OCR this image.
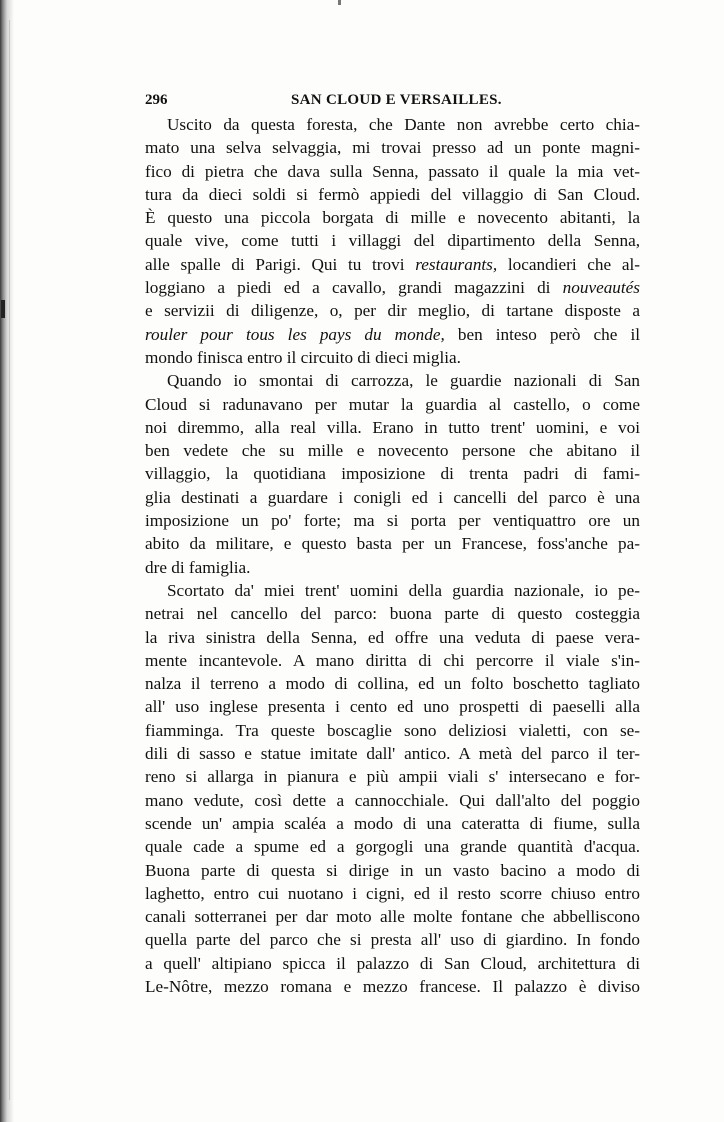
296	SAN CLOUD E VERSAILLES.
Uscito da questa foresta, che Dante non avrebbe certo chia-
mato una selva selvaggia, mi trovai presso ad un ponte magni-
fico di pietra che dava sulla Senna, passato il quale la mia vet-
tura da dieci soldi si fermò appiedi del villaggio di San Cloud.
È questo una piccola borgata di mille e novecento abitanti, la
quale vive, come tutti i villaggi del dipartimento della Senna,
alle spalle di Parigi. Qui tu trovi restaurants, locandieri che al-
loggiano a piedi ed a cavallo, grandi magazzini di nouveautés
e servizii di diligenze, o, per dir meglio, di tartane disposte a
rouler pour tous les pays du monde, ben inteso però che il
mondo finisca entro il circuito di dieci miglia.
Quando io smontai di carrozza, le guardie nazionali di San
Cloud si radunavano per mutar la guardia al castello, o come
noi diremmo, alla real villa. Erano in tutto trent' uomini, e voi
ben vedete che su mille e novecento persone che abitano il
villaggio, la quotidiana imposizione di trenta padri di fami-
glia destinati a guardare i conigli ed i cancelli del parco è una
imposizione un po' forte; ma si porta per ventiquattro ore un
abito da militare, e questo basta per un Francese, foss'anche pa-
dre di famiglia.
Scortato da' miei trent' uomini della guardia nazionale, io pe-
netrai nel cancello del parco: buona parte di questo costeggia
la riva sinistra della Senna, ed offre una veduta di paese vera-
mente incantevole. A mano diritta di chi percorre il viale s'in-
nalza il terreno a modo di collina, ed un folto boschetto tagliato
all' uso inglese presenta i cento ed uno prospetti di paeselli alla
fiamminga. Tra queste boscaglie sono deliziosi vialetti, con se-
dili di sasso e statue imitate dall' antico. A metà del parco il ter-
reno si allarga in pianura e più ampii viali s' intersecano e for-
mano vedute, così dette a cannocchiale. Qui dall'alto del poggio
scende un' ampia scaléa a modo di una cateratta di fiume, sulla
quale cade a spume ed a gorgogli una grande quantità d'acqua.
Buona parte di questa si dirige in un vasto bacino a modo di
laghetto, entro cui nuotano i cigni, ed il resto scorre chiuso entro
canali sotterranei per dar moto alle molte fontane che abbelliscono
quella parte del parco che si presta all' uso di giardino. In fondo
a quell' altipiano spicca il palazzo di San Cloud, architettura di
Le-Nôtre, mezzo romana e mezzo francese. Il palazzo è diviso
